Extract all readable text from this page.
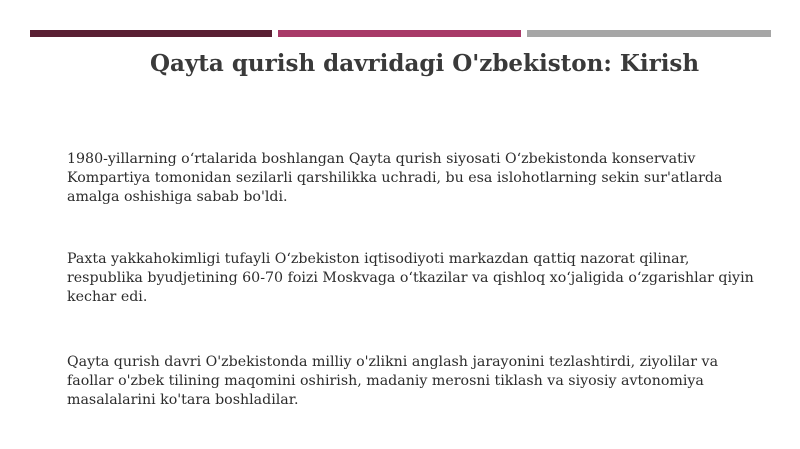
Qayta qurish davridagi O'zbekiston: Kirish
1980-yillarning o‘rtalarida boshlangan Qayta qurish siyosati O‘zbekistonda konservativ Kompartiya tomonidan sezilarli qarshilikka uchradi, bu esa islohotlarning sekin sur'atlarda amalga oshishiga sabab bo'ldi.
Paxta yakkahokimligi tufayli O‘zbekiston iqtisodiyoti markazdan qattiq nazorat qilinar, respublika byudjetining 60-70 foizi Moskvaga o‘tkazilar va qishloq xo‘jaligida o‘zgarishlar qiyin kechar edi.
Qayta qurish davri O'zbekistonda milliy o'zlikni anglash jarayonini tezlashtirdi, ziyolilar va faollar o'zbek tilining maqomini oshirish, madaniy merosni tiklash va siyosiy avtonomiya masalalarini ko'tara boshladilar.
